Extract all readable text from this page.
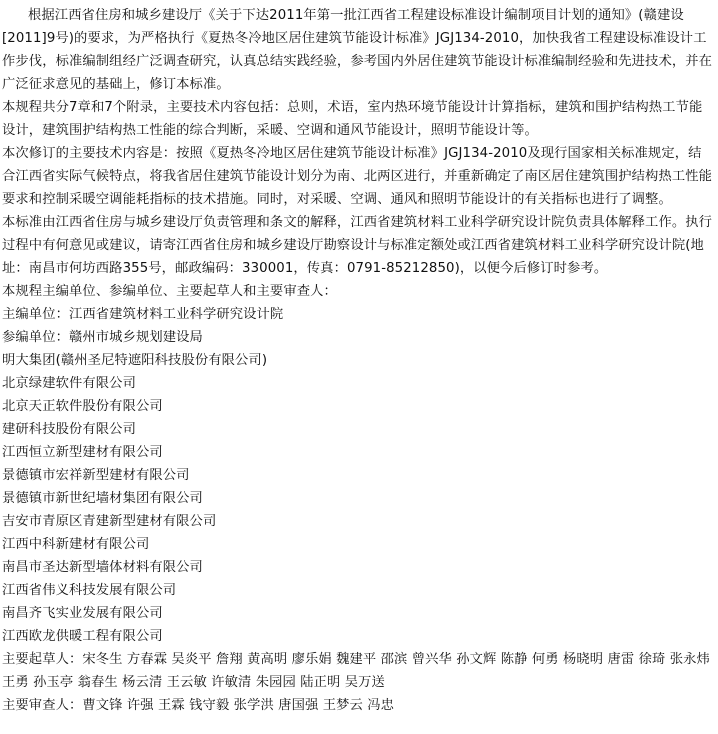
根据江西省住房和城乡建设厅《关于下达2011年第一批江西省工程建设标准设计编制项目计划的通知》(赣建设[2011]9号)的要求，为严格执行《夏热冬冷地区居住建筑节能设计标准》JGJ134-2010，加快我省工程建设标准设计工作步伐，标准编制组经广泛调查研究，认真总结实践经验，参考国内外居住建筑节能设计标准编制经验和先进技术，并在广泛征求意见的基础上，修订本标准。

本规程共分7章和7个附录，主要技术内容包括：总则，术语，室内热环境节能设计计算指标，建筑和围护结构热工节能设计，建筑围护结构热工性能的综合判断，采暖、空调和通风节能设计，照明节能设计等。

本次修订的主要技术内容是：按照《夏热冬冷地区居住建筑节能设计标准》JGJ134-2010及现行国家相关标准规定，结合江西省实际气候特点，将我省居住建筑节能设计划分为南、北两区进行，并重新确定了南区居住建筑围护结构热工性能要求和控制采暖空调能耗指标的技术措施。同时，对采暖、空调、通风和照明节能设计的有关指标也进行了调整。

本标准由江西省住房与城乡建设厅负责管理和条文的解释，江西省建筑材料工业科学研究设计院负责具体解释工作。执行过程中有何意见或建议，请寄江西省住房和城乡建设厅勘察设计与标准定额处或江西省建筑材料工业科学研究设计院(地址：南昌市何坊西路355号，邮政编码：330001，传真：0791-85212850)，以便今后修订时参考。

本规程主编单位、参编单位、主要起草人和主要审查人：

主编单位：江西省建筑材料工业科学研究设计院

参编单位：赣州市城乡规划建设局

明大集团(赣州圣尼特遮阳科技股份有限公司)

北京绿建软件有限公司

北京天正软件股份有限公司

建研科技股份有限公司

江西恒立新型建材有限公司

景德镇市宏祥新型建材有限公司

景德镇市新世纪墙材集团有限公司

吉安市青原区青建新型建材有限公司

江西中科新建材有限公司

南昌市圣达新型墙体材料有限公司

江西省伟义科技发展有限公司

南昌齐飞实业发展有限公司

江西欧龙供暖工程有限公司

主要起草人：宋冬生 方春霖 吴炎平 詹翔 黄高明 廖乐娟 魏建平 邵滨 曾兴华 孙文辉 陈静 何勇 杨晓明 唐雷 徐琦 张永炜 王勇 孙玉亭 翁春生 杨云清 王云敏 许敏清 朱园园 陆正明 吴万送

主要审查人：曹文锋 许强 王霖 钱守毅 张学洪 唐国强 王梦云 冯忠
